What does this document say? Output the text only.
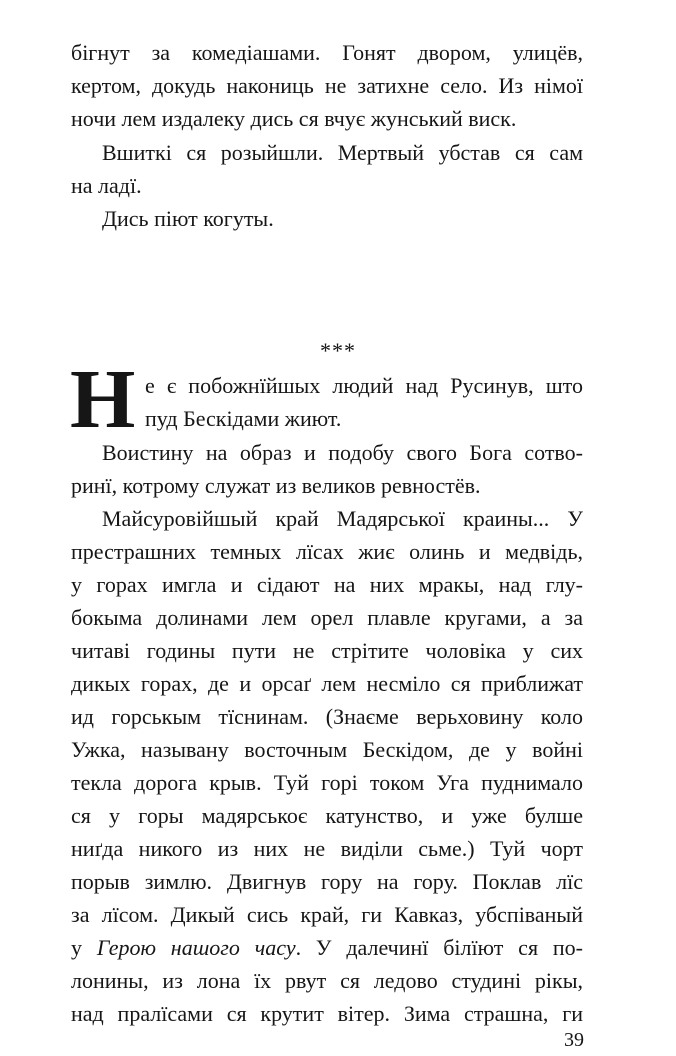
бігнут за комедіашами. Гонят двором, улицёв,
кертом, докудь накониць не затихне село. Из німої
ночи лем издалеку дись ся вчує жунський виск.
Вшиткі ся розыйшли. Мертвый убстав ся сам
на ладї.
Дись піют когуты.
***
Н е є побожнїйшых людий над Русинув, што
пуд Бескідами жиют.
Воистину на образ и подобу свого Бога сотво-
ринї, котрому служат из великов ревностёв.
Майсуровійшый край Мадярської краины... У
престрашних темных лїсах жиє олинь и медвідь,
у горах имгла и сідают на них мракы, над глу-
бокыма долинами лем орел плавле кругами, а за
читаві годины пути не стрітите чоловіка у сих
дикых горах, де и орсаґ лем несміло ся приближат
ид горськым тїснинам. (Знаєме верьховину коло
Ужка, называну восточным Бескідом, де у войні
текла дорога крыв. Туй горі током Уга пуднимало
ся у горы мадярськоє катунство, и уже булше
ниґда никого из них не виділи сьме.) Туй чорт
порыв зимлю. Двигнув гору на гору. Поклав лїс
за лїсом. Дикый сись край, ги Кавказ, убспіваный
у Герою нашого часу. У далечинї білїют ся по-
лонины, из лона їх рвут ся ледово студині рікы,
над пралїсами ся крутит вітер. Зима страшна, ги
39
